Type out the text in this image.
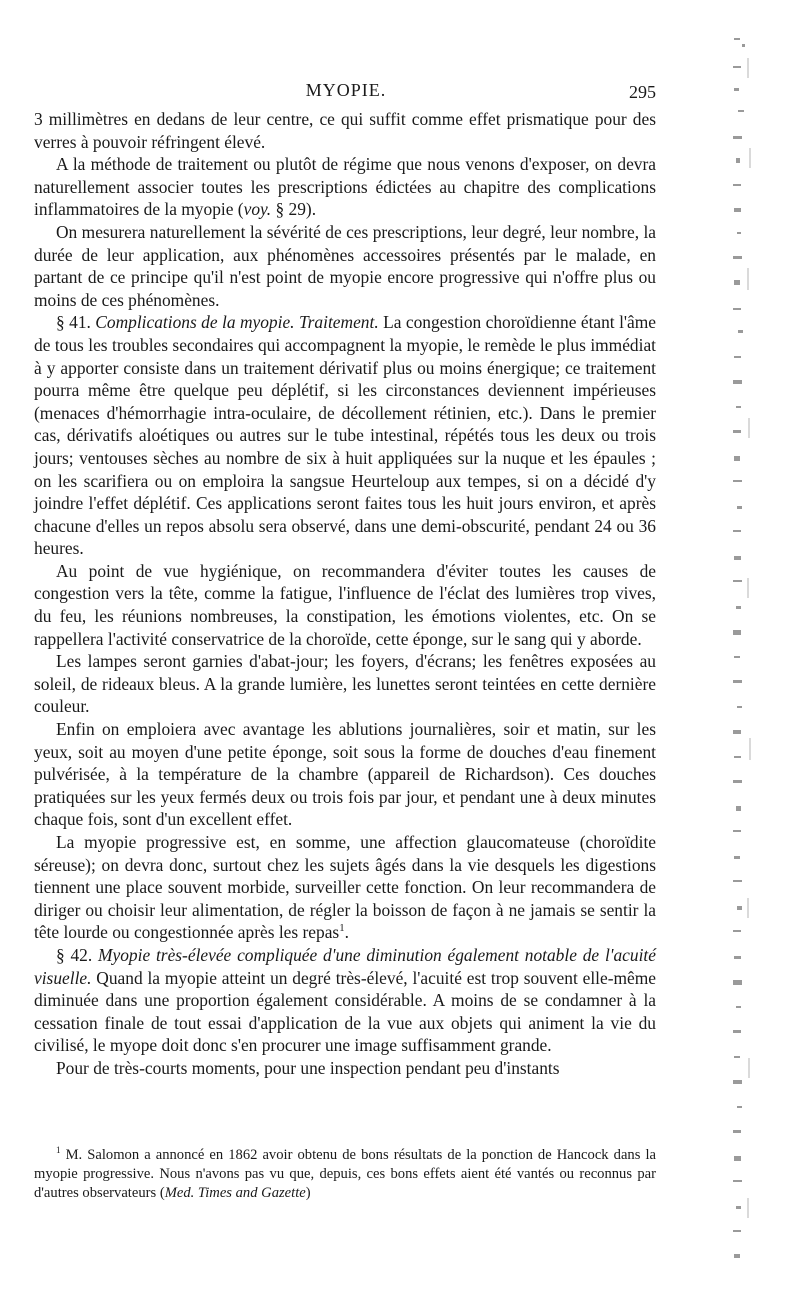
MYOPIE.	295

3 millimètres en dedans de leur centre, ce qui suffit comme effet prismatique pour des verres à pouvoir réfringent élevé.

A la méthode de traitement ou plutôt de régime que nous venons d'exposer, on devra naturellement associer toutes les prescriptions édictées au chapitre des complications inflammatoires de la myopie (voy. § 29).

On mesurera naturellement la sévérité de ces prescriptions, leur degré, leur nombre, la durée de leur application, aux phénomènes accessoires présentés par le malade, en partant de ce principe qu'il n'est point de myopie encore progressive qui n'offre plus ou moins de ces phénomènes.

§ 41. Complications de la myopie. Traitement. La congestion choroïdienne étant l'âme de tous les troubles secondaires qui accompagnent la myopie, le remède le plus immédiat à y apporter consiste dans un traitement dérivatif plus ou moins énergique; ce traitement pourra même être quelque peu déplétif, si les circonstances deviennent impérieuses (menaces d'hémorrhagie intra-oculaire, de décollement rétinien, etc.). Dans le premier cas, dérivatifs aloétiques ou autres sur le tube intestinal, répétés tous les deux ou trois jours; ventouses sèches au nombre de six à huit appliquées sur la nuque et les épaules ; on les scarifiera ou on emploira la sangsue Heurteloup aux tempes, si on a décidé d'y joindre l'effet déplétif. Ces applications seront faites tous les huit jours environ, et après chacune d'elles un repos absolu sera observé, dans une demi-obscurité, pendant 24 ou 36 heures.

Au point de vue hygiénique, on recommandera d'éviter toutes les causes de congestion vers la tête, comme la fatigue, l'influence de l'éclat des lumières trop vives, du feu, les réunions nombreuses, la constipation, les émotions violentes, etc. On se rappellera l'activité conservatrice de la choroïde, cette éponge, sur le sang qui y aborde.

Les lampes seront garnies d'abat-jour; les foyers, d'écrans; les fenêtres exposées au soleil, de rideaux bleus. A la grande lumière, les lunettes seront teintées en cette dernière couleur.

Enfin on emploiera avec avantage les ablutions journalières, soir et matin, sur les yeux, soit au moyen d'une petite éponge, soit sous la forme de douches d'eau finement pulvérisée, à la température de la chambre (appareil de Richardson). Ces douches pratiquées sur les yeux fermés deux ou trois fois par jour, et pendant une à deux minutes chaque fois, sont d'un excellent effet.

La myopie progressive est, en somme, une affection glaucomateuse (choroïdite séreuse); on devra donc, surtout chez les sujets âgés dans la vie desquels les digestions tiennent une place souvent morbide, surveiller cette fonction. On leur recommandera de diriger ou choisir leur alimentation, de régler la boisson de façon à ne jamais se sentir la tête lourde ou congestionnée après les repas$^1$.

§ 42. Myopie très-élevée compliquée d'une diminution également notable de l'acuité visuelle. Quand la myopie atteint un degré très-élevé, l'acuité est trop souvent elle-même diminuée dans une proportion également considérable. A moins de se condamner à la cessation finale de tout essai d'application de la vue aux objets qui animent la vie du civilisé, le myope doit donc s'en procurer une image suffisamment grande.

Pour de très-courts moments, pour une inspection pendant peu d'instants

$^1$ M. Salomon a annoncé en 1862 avoir obtenu de bons résultats de la ponction de Hancock dans la myopie progressive. Nous n'avons pas vu que, depuis, ces bons effets aient été vantés ou reconnus par d'autres observateurs (Med. Times and Gazette)
